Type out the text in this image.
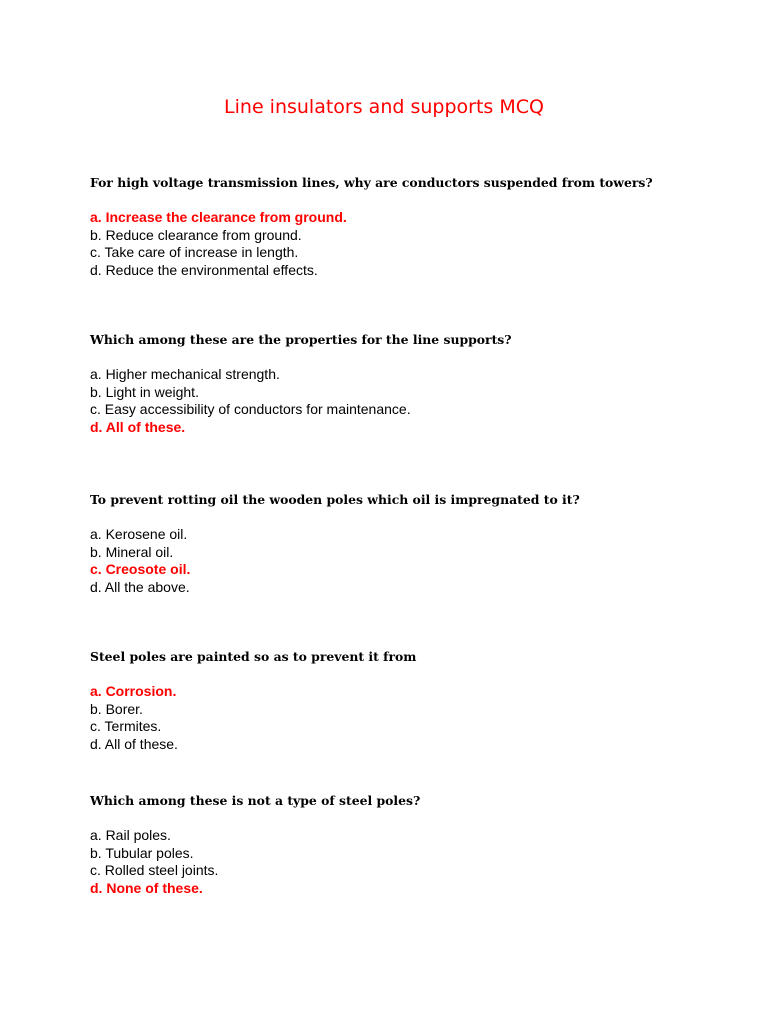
Line insulators and supports MCQ

For high voltage transmission lines, why are conductors suspended from towers?

a. Increase the clearance from ground.
b. Reduce clearance from ground.
c. Take care of increase in length.
d. Reduce the environmental effects.

Which among these are the properties for the line supports?

a. Higher mechanical strength.
b. Light in weight.
c. Easy accessibility of conductors for maintenance.
d. All of these.

To prevent rotting oil the wooden poles which oil is impregnated to it?

a. Kerosene oil.
b. Mineral oil.
c. Creosote oil.
d. All the above.

Steel poles are painted so as to prevent it from

a. Corrosion.
b. Borer.
c. Termites.
d. All of these.

Which among these is not a type of steel poles?

a. Rail poles.
b. Tubular poles.
c. Rolled steel joints.
d. None of these.
